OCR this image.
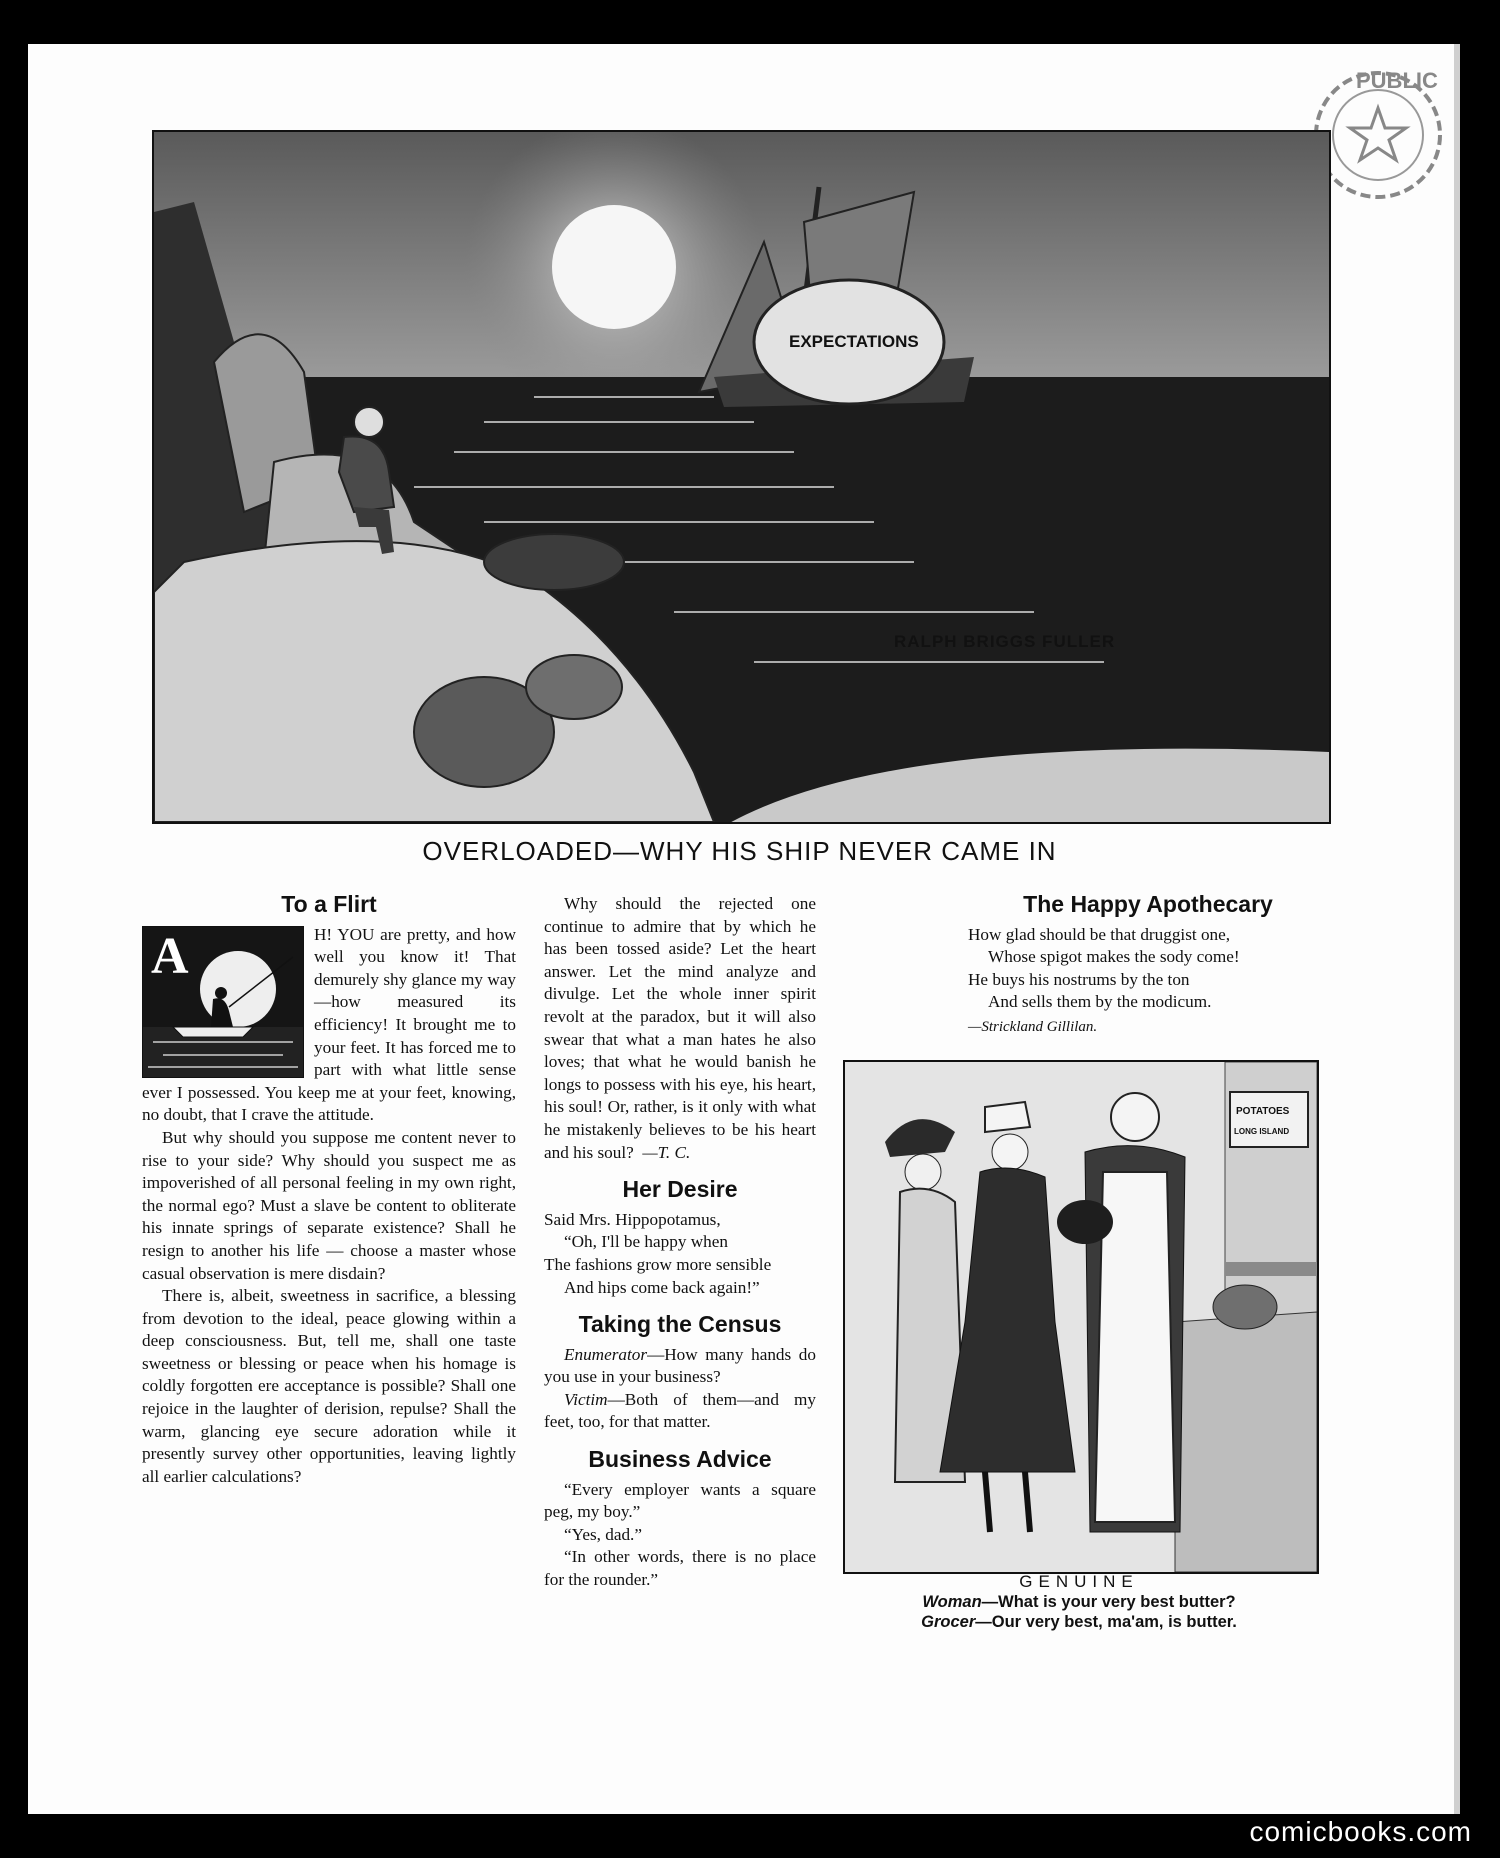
PUBLIC
EXPECTATIONS
RALPH BRIGGS FULLER
OVERLOADED—WHY HIS SHIP NEVER CAME IN
To a Flirt
A	H! YOU are pretty, and how well you know it! That demurely shy glance my way—how measured its efficiency! It brought me to your feet. It has forced me to part with what little sense ever I possessed. You keep me at your feet, knowing, no doubt, that I crave the attitude.

But why should you suppose me content never to rise to your side? Why should you suspect me as impoverished of all personal feeling in my own right, the normal ego? Must a slave be content to obliterate his innate springs of separate existence? Shall he resign to another his life — choose a master whose casual observation is mere disdain?

There is, albeit, sweetness in sacrifice, a blessing from devotion to the ideal, peace glowing within a deep consciousness. But, tell me, shall one taste sweetness or blessing or peace when his homage is coldly forgotten ere acceptance is possible? Shall one rejoice in the laughter of derision, repulse? Shall the warm, glancing eye secure adoration while it presently survey other opportunities, leaving lightly all earlier calculations?

Why should the rejected one continue to admire that by which he has been tossed aside? Let the heart answer. Let the mind analyze and divulge. Let the whole inner spirit revolt at the paradox, but it will also swear that what a man hates he also loves; that what he would banish he longs to possess with his eye, his heart, his soul! Or, rather, is it only with what he mistakenly believes to be his heart and his soul? —T. C.

Her Desire

Said Mrs. Hippopotamus,

“Oh, I'll be happy when

The fashions grow more sensible

And hips come back again!”

Taking the Census

Enumerator—How many hands do you use in your business?

Victim—Both of them—and my feet, too, for that matter.

Business Advice

“Every employer wants a square peg, my boy.”

“Yes, dad.”

“In other words, there is no place for the rounder.”

The Happy Apothecary

How glad should be that druggist one,

Whose spigot makes the sody come!

He buys his nostrums by the ton

And sells them by the modicum.

—Strickland Gillilan.

POTATOES
LONG ISLAND
GENUINE
Woman—What is your very best butter?
Grocer—Our very best, ma'am, is butter.
comicbooks.com
